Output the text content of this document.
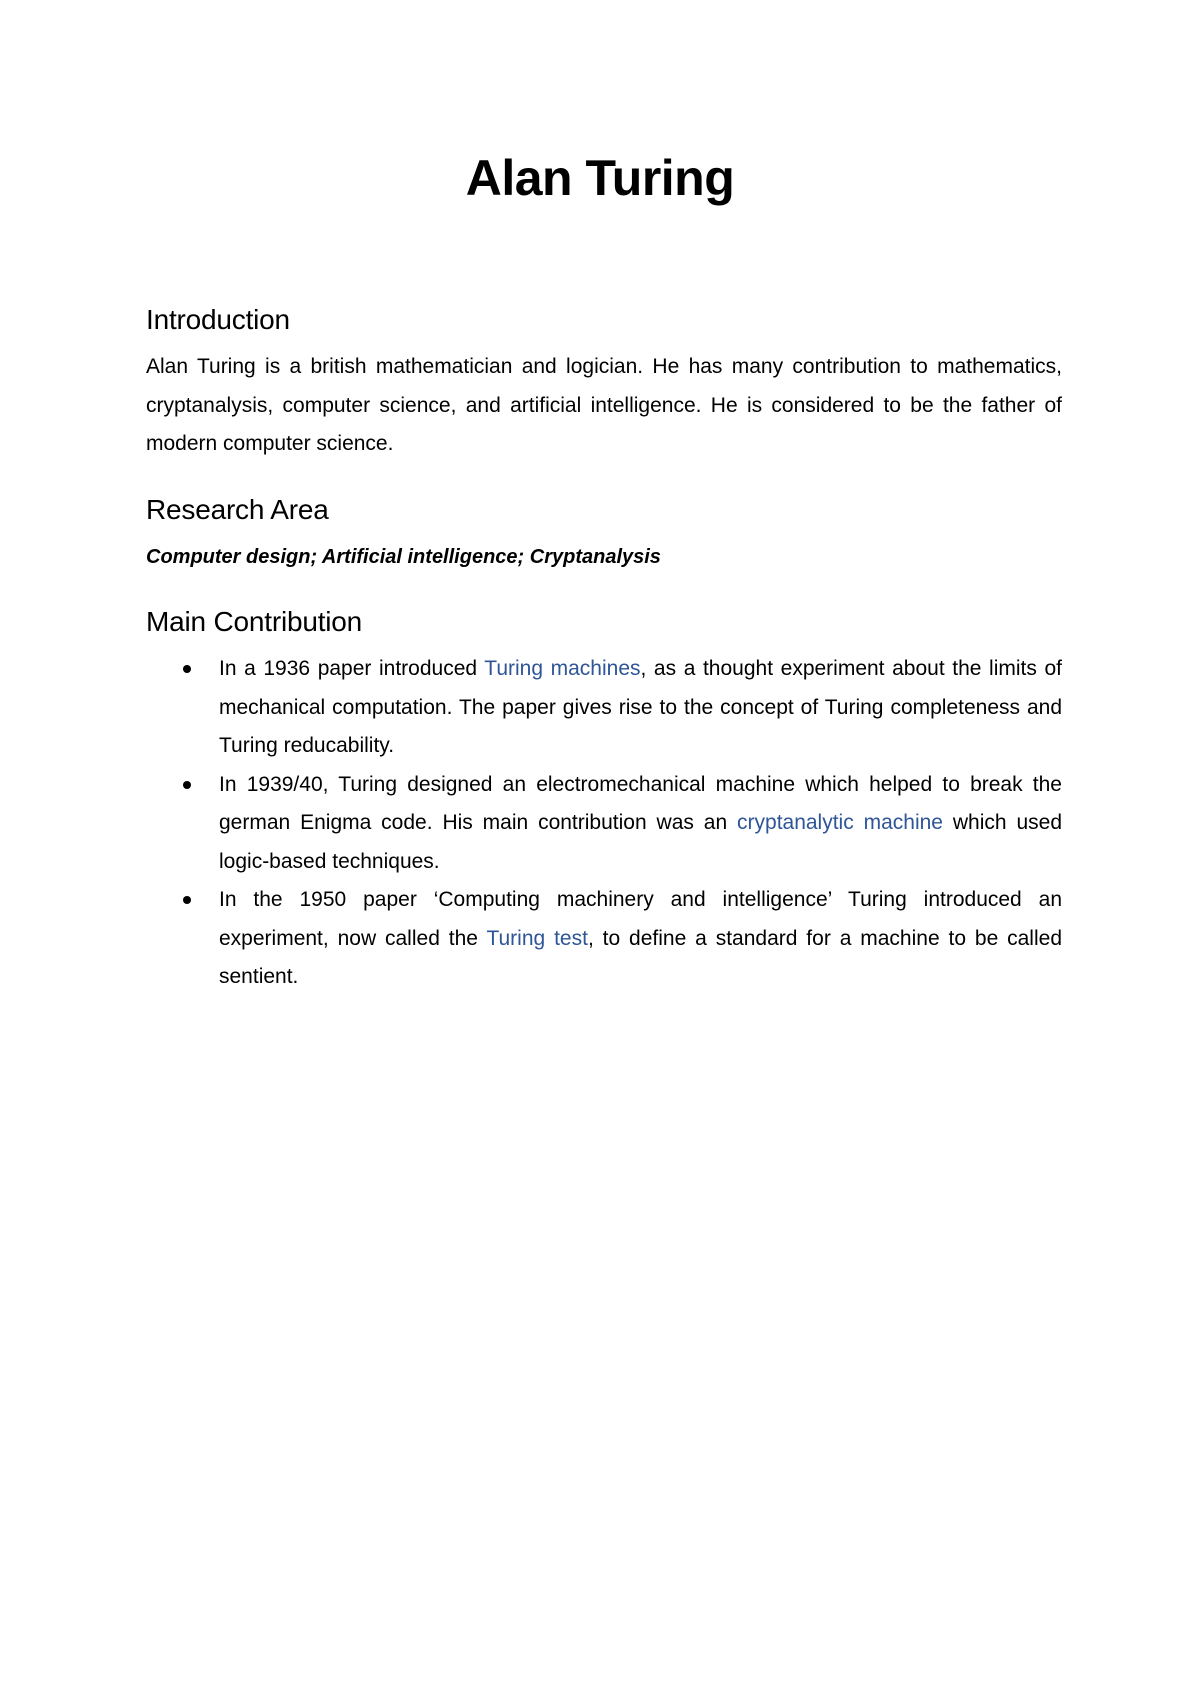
Alan Turing
Introduction

Alan Turing is a british mathematician and logician. He has many contribution to mathematics, cryptanalysis, computer science, and artificial intelligence. He is considered to be the father of modern computer science.

Research Area

Computer design; Artificial intelligence; Cryptanalysis

Main Contribution
In a 1936 paper introduced Turing machines, as a thought experiment about the limits of mechanical computation. The paper gives rise to the concept of Turing completeness and Turing reducability.
In 1939/40, Turing designed an electromechanical machine which helped to break the german Enigma code. His main contribution was an cryptanalytic machine which used logic-based techniques.
In the 1950 paper ‘Computing machinery and intelligence’ Turing introduced an experiment, now called the Turing test, to define a standard for a machine to be called sentient.
